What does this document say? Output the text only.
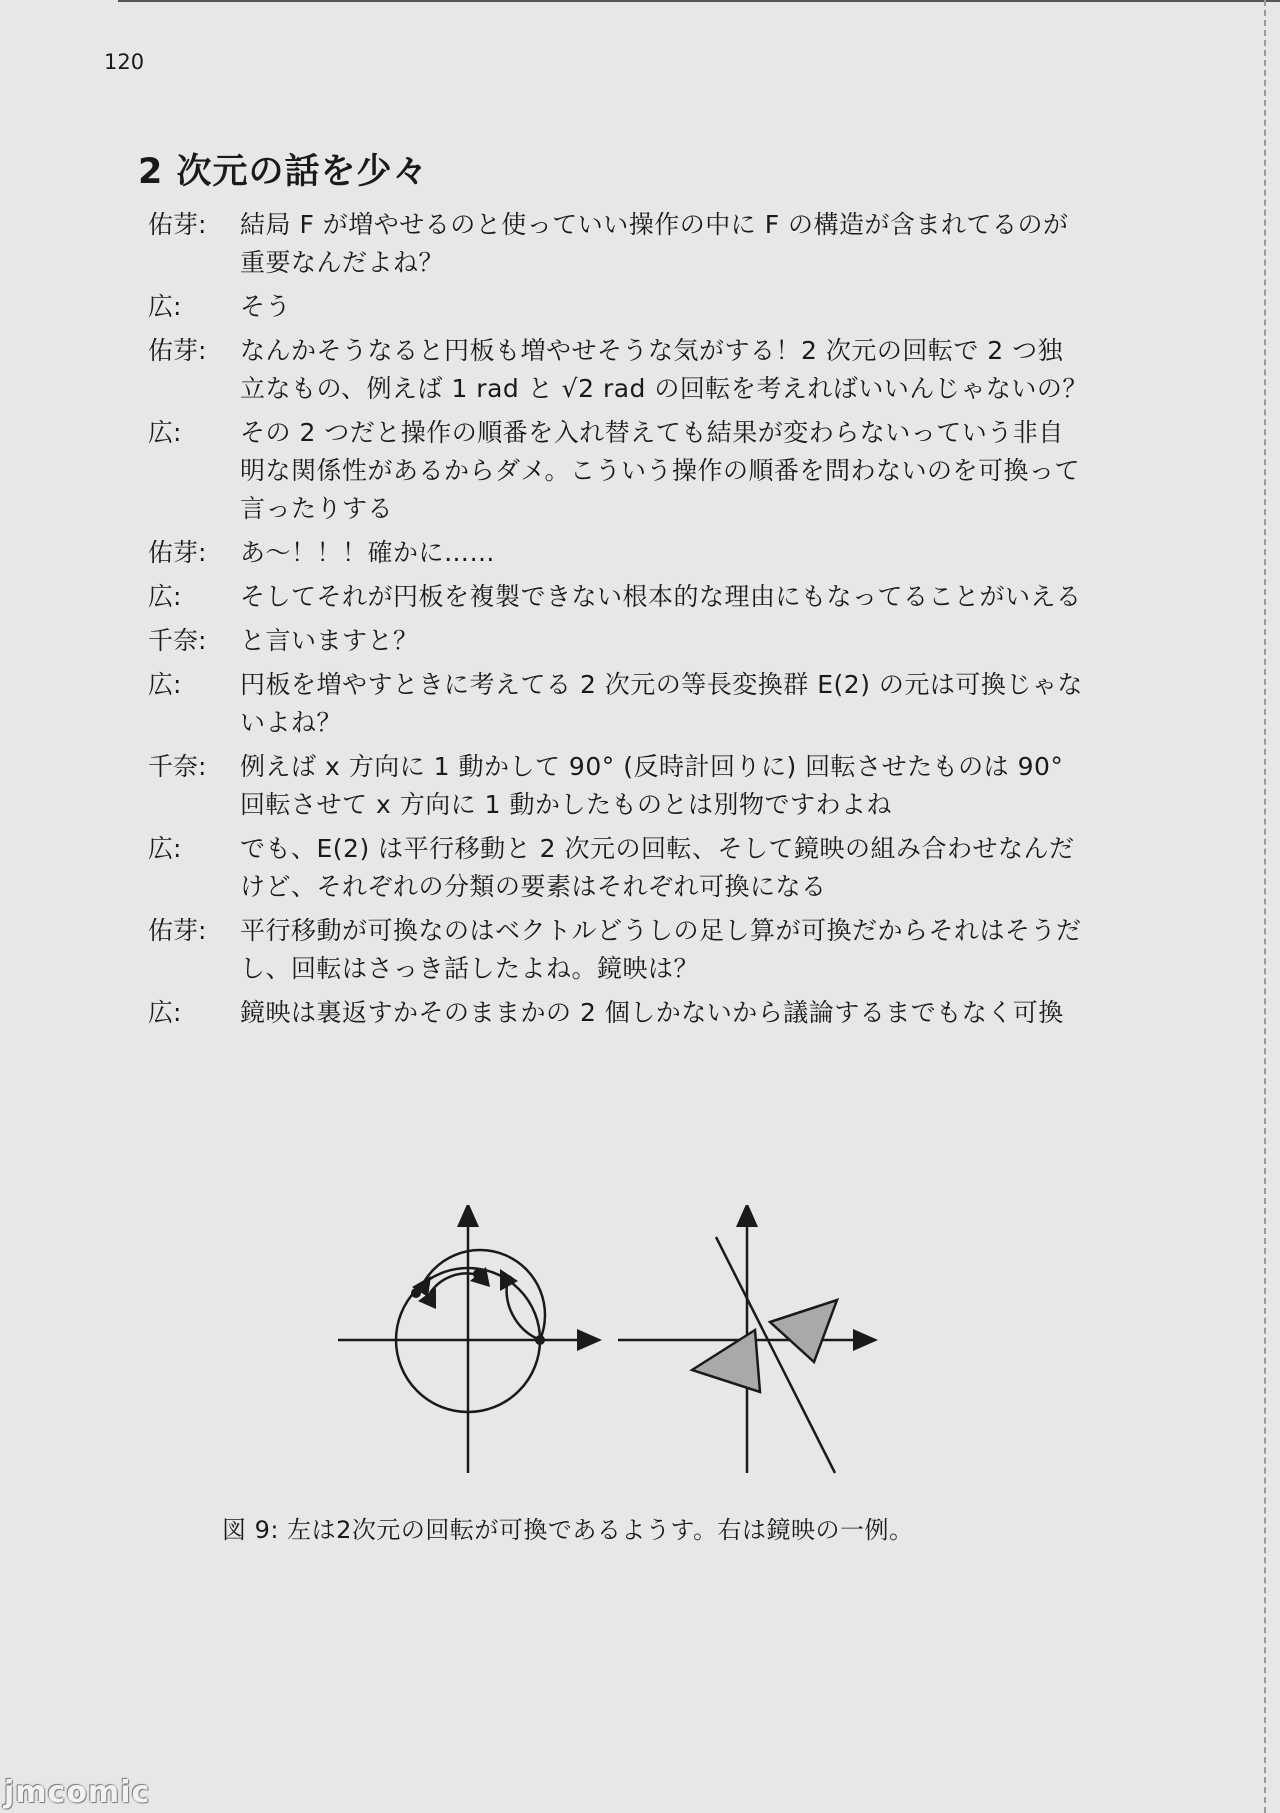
120
2 次元の話を少々
佑芽:	結局 F が増やせるのと使っていい操作の中に F の構造が含まれてるのが重要なんだよね？
広:	そう
佑芽:	なんかそうなると円板も増やせそうな気がする！2 次元の回転で 2 つ独立なもの、例えば 1 rad と √2 rad の回転を考えればいいんじゃないの？
広:	その 2 つだと操作の順番を入れ替えても結果が変わらないっていう非自明な関係性があるからダメ。こういう操作の順番を問わないのを可換って言ったりする
佑芽:	あ～！！！確かに……
広:	そしてそれが円板を複製できない根本的な理由にもなってることがいえる
千奈:	と言いますと？
広:	円板を増やすときに考えてる 2 次元の等長変換群 E(2) の元は可換じゃないよね？
千奈:	例えば x 方向に 1 動かして 90° (反時計回りに) 回転させたものは 90° 回転させて x 方向に 1 動かしたものとは別物ですわよね
広:	でも、E(2) は平行移動と 2 次元の回転、そして鏡映の組み合わせなんだけど、それぞれの分類の要素はそれぞれ可換になる
佑芽:	平行移動が可換なのはベクトルどうしの足し算が可換だからそれはそうだし、回転はさっき話したよね。鏡映は？
広:	鏡映は裏返すかそのままかの 2 個しかないから議論するまでもなく可換
図 9: 左は2次元の回転が可換であるようす。右は鏡映の一例。
jmcomic
